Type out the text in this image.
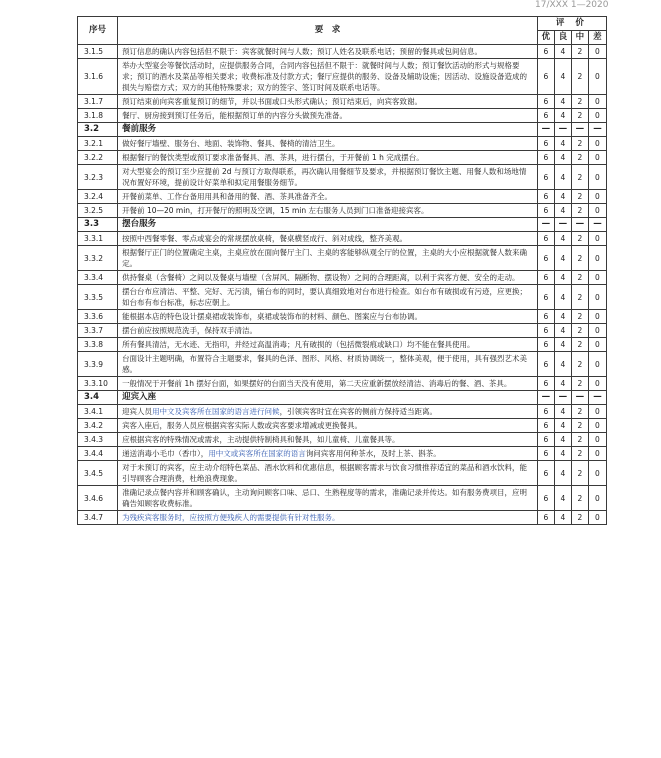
17/XXX 1—2020
序号	要　求	评 价			
		优	良	中	差
3.1.5	预订信息的确认内容包括但不限于：宾客就餐时间与人数；预订人姓名及联系电话；预留的餐具或包间信息。	6	4	2	0
3.1.6	举办大型宴会等餐饮活动时，应提供服务合同，合同内容包括但不限于：就餐时间与人数；预订餐饮活动的形式与规格要求；预订的酒水及菜品等相关要求；收费标准及付款方式；餐厅应提供的服务、设备及辅助设施；因活动、设施设备造成的损失与赔偿方式；双方的其他特殊要求；双方的签字、签订时间及联系电话等。	6	4	2	0
3.1.7	预订结束前向宾客重复预订的细节，并以书面或口头形式确认；预订结束后，向宾客致谢。	6	4	2	0
3.1.8	餐厅、厨房接到预订任务后，能根据预订单的内容分头做预先准备。	6	4	2	0
3.2	餐前服务	—	—	—	—
3.2.1	做好餐厅墙壁、服务台、地面、装饰物、餐具、餐椅的清洁卫生。	6	4	2	0
3.2.2	根据餐厅的餐饮类型或预订要求准备餐具、酒、茶具，进行摆台，于开餐前 1 h 完成摆台。	6	4	2	0
3.2.3	对大型宴会的预订至少应提前 2d 与预订方取得联系，再次确认用餐细节及要求，并根据预订餐饮主题、用餐人数和场地情况布置好环境，提前设计好菜单和拟定用餐服务细节。	6	4	2	0
3.2.4	开餐前菜单、工作台备用用具和备用的餐、酒、茶具准备齐全。	6	4	2	0
3.2.5	开餐前 10—20 min，打开餐厅的照明及空调，15 min 左右服务人员到门口准备迎接宾客。	6	4	2	0
3.3	摆台服务	—	—	—	—
3.3.1	按照中西餐零餐、零点或宴会的常规摆放桌椅，餐桌横竖成行、斜对成线，整齐美观。	6	4	2	0
3.3.2	根据餐厅正门的位置确定主桌，主桌应放在面向餐厅主门、主桌的客能够纵观全厅的位置，主桌的大小应根据就餐人数来确定。	6	4	2	0
3.3.4	供持餐桌（含餐椅）之间以及餐桌与墙壁（含屏风、隔断物、摆设物）之间的合理距离，以利于宾客方便、安全的走动。	6	4	2	0
3.3.5	摆台台布应清洁、平整、完好、无污渍，铺台布的同时，要认真细致地对台布进行检查。如台布有破损或有污迹，应更换；如台布有布台标准，标志应朝上。	6	4	2	0
3.3.6	能根据本店的特色设计摆桌裙或装饰布，桌裙或装饰布的材料、颜色、图案应与台布协调。	6	4	2	0
3.3.7	摆台前应按照规范洗手，保持双手清洁。	6	4	2	0
3.3.8	所有餐具清洁，无水迹、无指印，并经过高温消毒；凡有破损的（包括微裂痕或缺口）均不能在餐具使用。	6	4	2	0
3.3.9	台面设计主题明确，布置符合主题要求，餐具的色泽、图形、风格、材质协调统一，整体美观，便于使用，具有强烈艺术美感。	6	4	2	0
3.3.10	一般情况于开餐前 1h 摆好台面，如果摆好的台面当天没有使用，第二天应重新摆放经清洁、消毒后的餐、酒、茶具。	6	4	2	0
3.4	迎宾入座	—	—	—	—
3.4.1	迎宾人员用中文及宾客所在国家的语言进行问候，引领宾客时宜在宾客的侧前方保持适当距离。	6	4	2	0
3.4.2	宾客入座后，服务人员应根据宾客实际人数或宾客要求增减或更换餐具。	6	4	2	0
3.4.3	应根据宾客的特殊情况或需求，主动提供特制椅具和餐具，如儿童椅、儿童餐具等。	6	4	2	0
3.4.4	递送消毒小毛巾（香巾），用中文或宾客所在国家的语言询问宾客用何种茶水，及时上茶、斟茶。	6	4	2	0
3.4.5	对于未预订的宾客，应主动介绍特色菜品、酒水饮料和优惠信息，根据顾客需求与饮食习惯推荐适宜的菜品和酒水饮料，能引导顾客合理消费，杜绝浪费现象。	6	4	2	0
3.4.6	准确记录点餐内容并和顾客确认，主动询问顾客口味、忌口、生熟程度等的需求，准确记录并传达。如有服务费项目，应明确告知顾客收费标准。	6	4	2	0
3.4.7	为残疾宾客服务时，应按照方便残疾人的需要提供有针对性服务。	6	4	2	0
